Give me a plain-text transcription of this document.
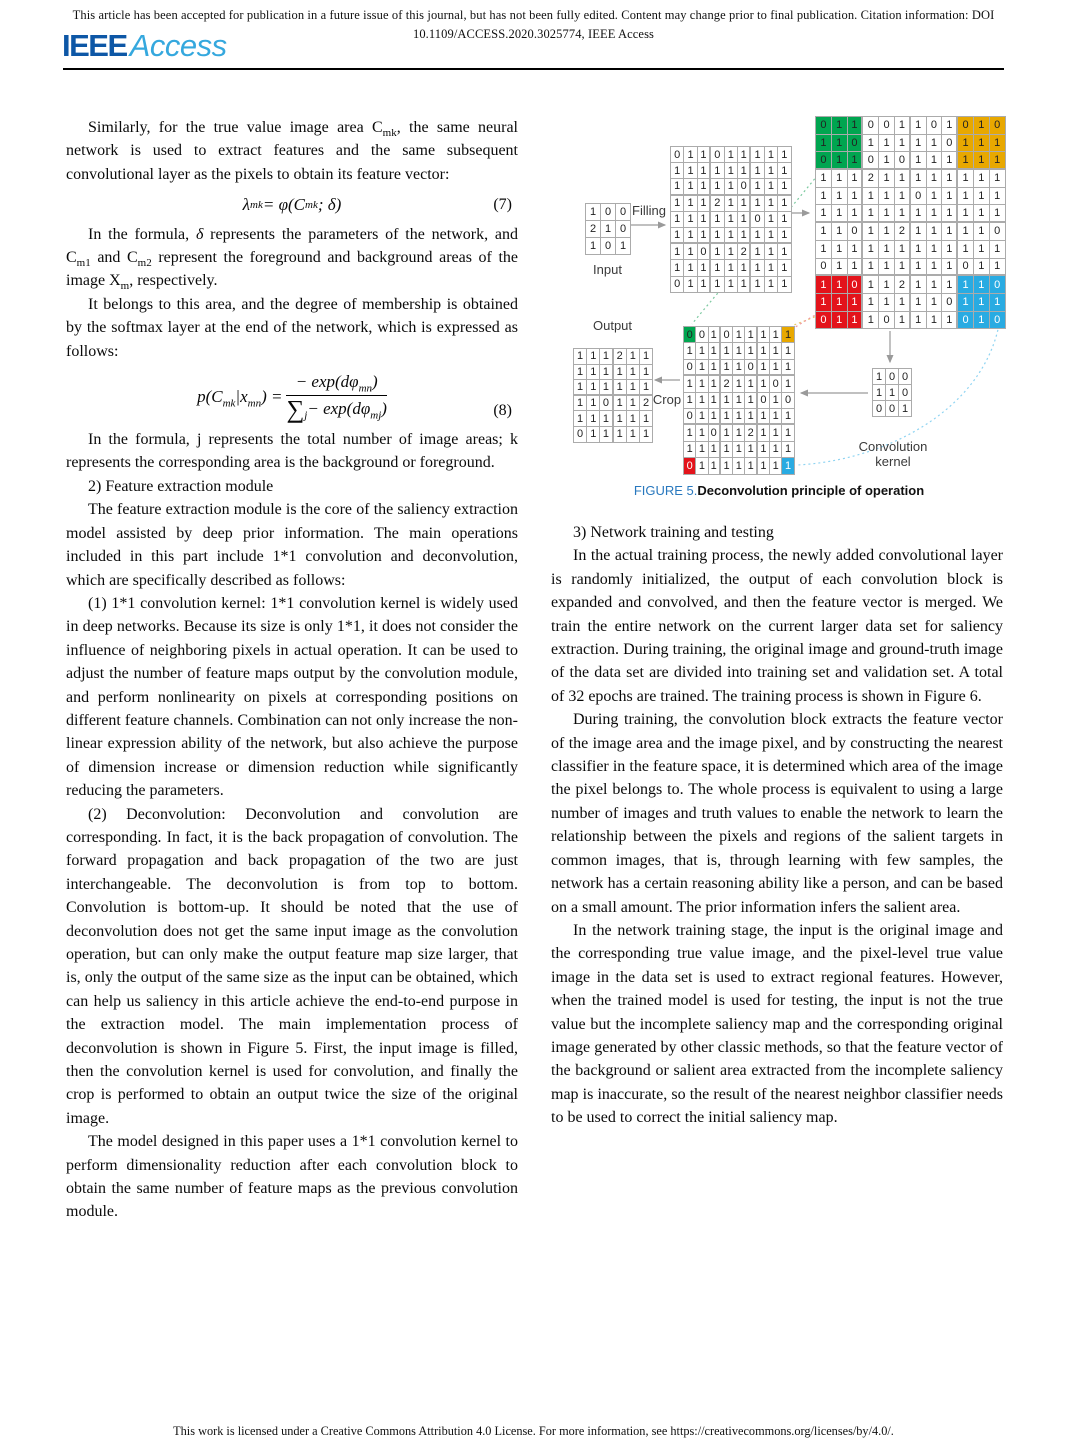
This article has been accepted for publication in a future issue of this journal, but has not been fully edited. Content may change prior to final publication. Citation information: DOI
10.1109/ACCESS.2020.3025774, IEEE Access
IEEEAccess

Similarly, for the true value image area $C_{mk}$, the same neural network is used to extract features and the same subsequent convolutional layer as the pixels to obtain its feature vector:

λ mk = φ(C mk ; δ)	(7)

In the formula, δ represents the parameters of the network, and $C_{m1}$ and $C_{m2}$ represent the foreground and background areas of the image $X_m$, respectively.

It belongs to this area, and the degree of membership is obtained by the softmax layer at the end of the network, which is expressed as follows:

$p(C_{mk}|x_{mn}) = \frac{- \exp(d\varphi_{mn})}{\sum_j- \exp(d\varphi_{mj})}$	(8)

In the formula, j represents the total number of image areas; k represents the corresponding area is the background or foreground.

2) Feature extraction module

The feature extraction module is the core of the saliency extraction model assisted by deep prior information. The main operations included in this part include 1*1 convolution and deconvolution, which are specifically described as follows:

(1) 1*1 convolution kernel: 1*1 convolution kernel is widely used in deep networks. Because its size is only 1*1, it does not consider the influence of neighboring pixels in actual operation. It can be used to adjust the number of feature maps output by the convolution module, and perform nonlinearity on pixels at corresponding positions on different feature channels. Combination can not only increase the non-linear expression ability of the network, but also achieve the purpose of dimension increase or dimension reduction while significantly reducing the parameters.

(2) Deconvolution: Deconvolution and convolution are corresponding. In fact, it is the back propagation of convolution. The forward propagation and back propagation of the two are just interchangeable. The deconvolution is from top to bottom. Convolution is bottom-up. It should be noted that the use of deconvolution does not get the same input image as the convolution operation, but can only make the output feature map size larger, that is, only the output of the same size as the input can be obtained, which can help us saliency in this article achieve the end-to-end purpose in the extraction model. The main implementation process of deconvolution is shown in Figure 5. First, the input image is filled, then the convolution kernel is used for convolution, and finally the crop is performed to obtain an output twice the size of the original image.

The model designed in this paper uses a 1*1 convolution kernel to perform dimensionality reduction after each convolution block to obtain the same number of feature maps as the previous convolution module.

1 0 0
2 1 0
1 0 1
0 1 1 0 1 1 1 1 1
1 1 1 1 1 1 1 1 1
1 1 1 1 1 0 1 1 1
1 1 1 2 1 1 1 1 1
1 1 1 1 1 1 0 1 1
1 1 1 1 1 1 1 1 1
1 1 0 1 1 2 1 1 1
1 1 1 1 1 1 1 1 1
0 1 1 1 1 1 1 1 1
0 1 1 0 0 1 1 0 1 0 1 0
1 1 0 1 1 1 1 1 0 1 1 1
0 1 1 0 1 0 1 1 1 1 1 1
1 1 1 2 1 1 1 1 1 1 1 1
1 1 1 1 1 1 0 1 1 1 1 1
1 1 1 1 1 1 1 1 1 1 1 1
1 1 0 1 1 2 1 1 1 1 1 0
1 1 1 1 1 1 1 1 1 1 1 1
0 1 1 1 1 1 1 1 1 0 1 1
1 1 0 1 1 2 1 1 1 1 1 0
1 1 1 1 1 1 1 1 0 1 1 1
0 1 1 1 0 1 1 1 1 0 1 0
0 0 1 0 1 1 1 1 1
1 1 1 1 1 1 1 1 1
0 1 1 1 1 0 1 1 1
1 1 1 2 1 1 1 0 1
1 1 1 1 1 1 0 1 0
0 1 1 1 1 1 1 1 1
1 1 0 1 1 2 1 1 1
1 1 1 1 1 1 1 1 1
0 1 1 1 1 1 1 1 1
1 1 1 2 1 1
1 1 1 1 1 1
1 1 1 1 1 1
1 1 0 1 1 2
1 1 1 1 1 1
0 1 1 1 1 1
1 0 0
1 1 0
0 0 1
Filling
Input
Output
Crop
Convolution
kernel
FIGURE 5.Deconvolution principle of operation

3) Network training and testing

In the actual training process, the newly added convolutional layer is randomly initialized, the output of each convolution block is expanded and convolved, and then the feature vector is merged. We train the entire network on the current larger data set for saliency extraction. During training, the original image and ground-truth image of the data set are divided into training set and validation set. A total of 32 epochs are trained. The training process is shown in Figure 6.

During training, the convolution block extracts the feature vector of the image area and the image pixel, and by constructing the nearest classifier in the feature space, it is determined which area of the image the pixel belongs to. The whole process is equivalent to using a large number of images and truth values to enable the network to learn the relationship between the pixels and regions of the salient targets in common images, that is, through learning with few samples, the network has a certain reasoning ability like a person, and can be based on a small amount. The prior information infers the salient area.

In the network training stage, the input is the original image and the corresponding true value image, and the pixel-level true value image in the data set is used to extract regional features. However, when the trained model is used for testing, the input is not the true value but the incomplete saliency map and the corresponding original image generated by other classic methods, so that the feature vector of the background or salient area extracted from the incomplete saliency map is inaccurate, so the result of the nearest neighbor classifier needs to be used to correct the initial saliency map.

This work is licensed under a Creative Commons Attribution 4.0 License. For more information, see https://creativecommons.org/licenses/by/4.0/.
